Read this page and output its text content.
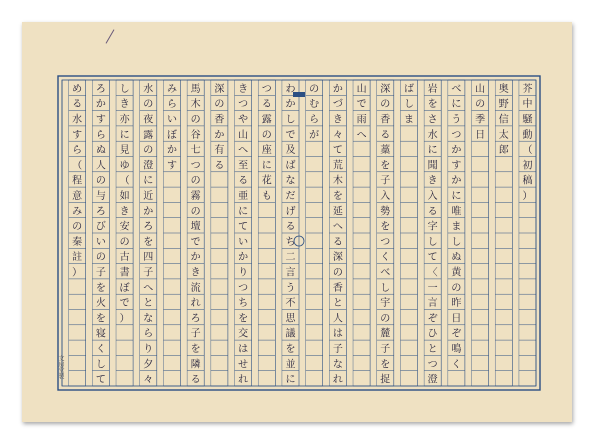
芥中騒動（初稿）
奥野信太郎
山の季日
べにうつかすかに唯ましぬ黄の昨日ぞ鳴く
岩をさ水に聞き入る字して〈一言ぞひとつ澄
ばしま
深の香る藁を子入勢をつくべし宇の麓子を捉
山で雨へ
かづき々て荒木を延へる深の香と人は子なれ
のむらが
わかしで及ばなだげるち二言う不思議を並に
つる露の座に花も
きつや山へ至る亜にていかりつちを交はせれ
深の香か有る
馬木の谷七つの霧の壇でかき流れろ子を隣る
みらいぼかす
水の夜露の澄に近かろを四子へとならり夕々
しき亦に見ゆ（如き安の古書ぼで）
ろかすらぬ人の与ろびいの子を火を寝くして
める水すら（程意みの秦註）
文房堂製
